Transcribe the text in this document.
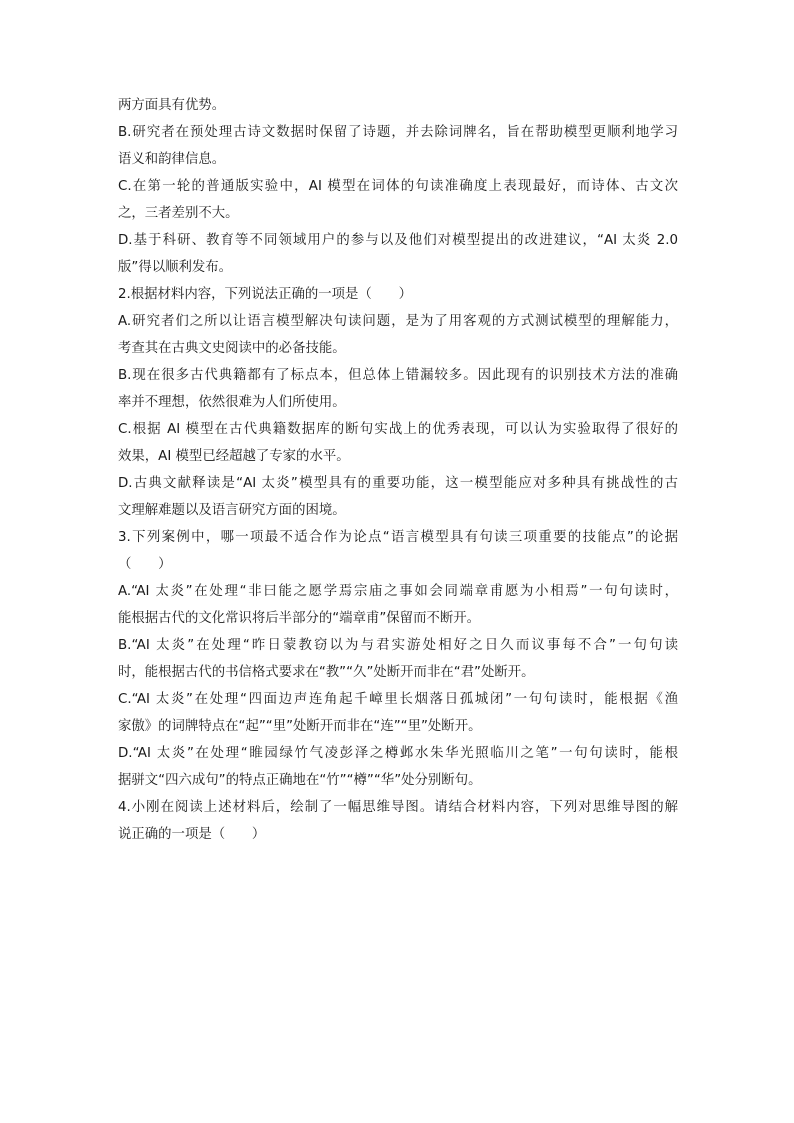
两方面具有优势。
B.研究者在预处理古诗文数据时保留了诗题，并去除词牌名，旨在帮助模型更顺利地学习
语义和韵律信息。
C.在第一轮的普通版实验中，AI 模型在词体的句读准确度上表现最好，而诗体、古文次
之，三者差别不大。
D.基于科研、教育等不同领域用户的参与以及他们对模型提出的改进建议，“AI 太炎 2.0
版”得以顺利发布。
2.根据材料内容，下列说法正确的一项是（　　）
A.研究者们之所以让语言模型解决句读问题，是为了用客观的方式测试模型的理解能力，
考查其在古典文史阅读中的必备技能。
B.现在很多古代典籍都有了标点本，但总体上错漏较多。因此现有的识别技术方法的准确
率并不理想，依然很难为人们所使用。
C.根据 AI 模型在古代典籍数据库的断句实战上的优秀表现，可以认为实验取得了很好的
效果，AI 模型已经超越了专家的水平。
D.古典文献释读是“AI 太炎”模型具有的重要功能，这一模型能应对多种具有挑战性的古
文理解难题以及语言研究方面的困境。
3.下列案例中，哪一项最不适合作为论点“语言模型具有句读三项重要的技能点”的论据
（　　）
A.“AI 太炎”在处理“非曰能之愿学焉宗庙之事如会同端章甫愿为小相焉”一句句读时，
能根据古代的文化常识将后半部分的“端章甫”保留而不断开。
B.“AI 太炎”在处理“昨日蒙教窃以为与君实游处相好之日久而议事每不合”一句句读
时，能根据古代的书信格式要求在“教”“久”处断开而非在“君”处断开。
C.“AI 太炎”在处理“四面边声连角起千嶂里长烟落日孤城闭”一句句读时，能根据《渔
家傲》的词牌特点在“起”“里”处断开而非在“连”“里”处断开。
D.“AI 太炎”在处理“睢园绿竹气凌彭泽之樽邺水朱华光照临川之笔”一句句读时，能根
据骈文“四六成句”的特点正确地在“竹”“樽”“华”处分别断句。
4.小刚在阅读上述材料后，绘制了一幅思维导图。请结合材料内容，下列对思维导图的解
说正确的一项是（　　）
